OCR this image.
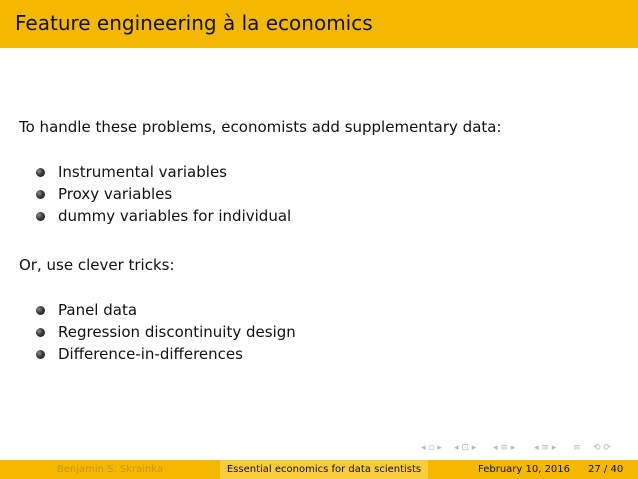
Feature engineering à la economics
To handle these problems, economists add supplementary data:
Instrumental variables
Proxy variables
dummy variables for individual
Or, use clever tricks:
Panel data
Regression discontinuity design
Difference-in-differences
◂ ▫ ▸ ◂ ⊡ ▸ ◂ ≡ ▸ ◂ ≡ ▸ ≡ ⟲ ⟳
Benjamin S. Skrainka	Essential economics for data scientists	February 10, 2016 27 / 40
